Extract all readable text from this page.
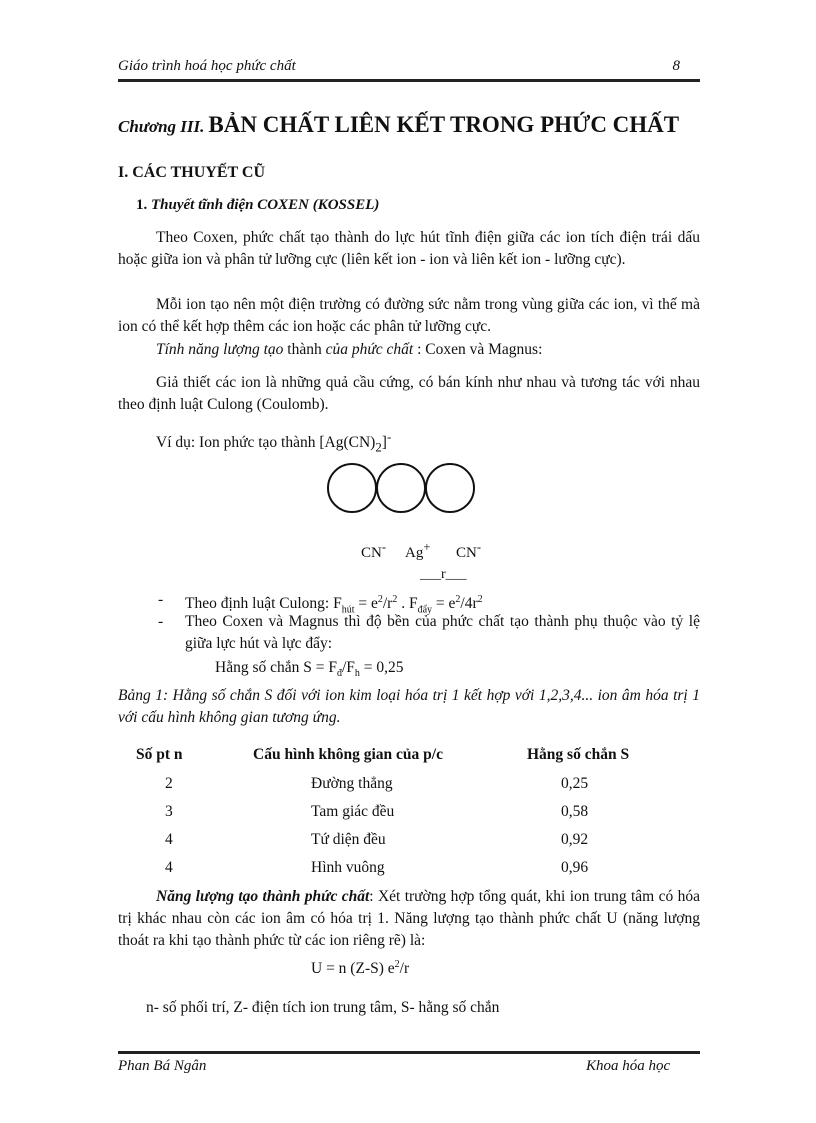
Giáo trình hoá học phức chất	8
Chương III. BẢN CHẤT LIÊN KẾT TRONG PHỨC CHẤT
I. CÁC THUYẾT CŨ
1. Thuyết tĩnh điện COXEN (KOSSEL)
Theo Coxen, phức chất tạo thành do lực hút tĩnh điện giữa các ion tích điện trái dấu hoặc giữa ion và phân tử lưỡng cực (liên kết ion - ion và liên kết ion - lưỡng cực).
Mỗi ion tạo nên một điện trường có đường sức nằm trong vùng giữa các ion, vì thế mà ion có thể kết hợp thêm các ion hoặc các phân tử lưỡng cực.
Tính năng lượng tạo thành của phức chất : Coxen và Magnus:
Giả thiết các ion là những quả cầu cứng, có bán kính như nhau và tương tác với nhau theo định luật Culong (Coulomb).
Ví dụ: Ion phức tạo thành $[Ag(CN)_2]^-$
CN- Ag+ CN-
___r___
- Theo định luật Culong: $F_{hút} = e^2/r^2$ . $F_{đẩy} = e^2/4r^2$
- Theo Coxen và Magnus thì độ bền của phức chất tạo thành phụ thuộc vào tỷ lệ giữa lực hút và lực đẩy:
Hằng số chắn $S = F_đ/F_h = 0,25$
Bảng 1: Hằng số chắn S đối với ion kim loại hóa trị 1 kết hợp với 1,2,3,4... ion âm hóa trị 1 với cấu hình không gian tương ứng.
Số pt n	Cấu hình không gian của p/c	Hằng số chắn S
2	Đường thẳng	0,25
3	Tam giác đều	0,58
4	Tứ diện đều	0,92
4	Hình vuông	0,96
Năng lượng tạo thành phức chất: Xét trường hợp tổng quát, khi ion trung tâm có hóa trị khác nhau còn các ion âm có hóa trị 1. Năng lượng tạo thành phức chất U (năng lượng thoát ra khi tạo thành phức từ các ion riêng rẽ) là:
U = n (Z-S) $e^2/r$
n- số phối trí, Z- điện tích ion trung tâm, S- hằng số chắn
Phan Bá Ngân	Khoa hóa học
